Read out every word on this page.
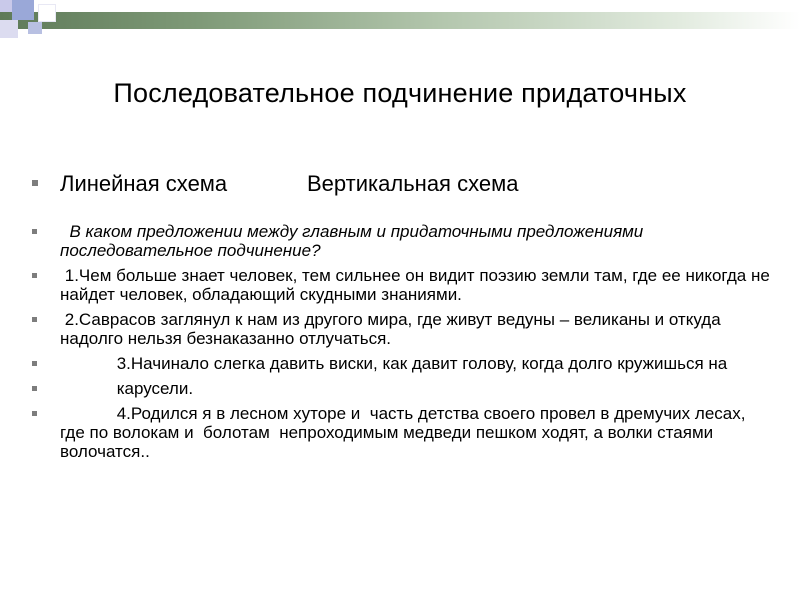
Последовательное подчинение придаточных
Линейная схема	Вертикальная схема
В каком предложении между главным и придаточными предложениями последовательное подчинение?
1.Чем больше знает человек, тем сильнее он видит поэзию земли там, где ее никогда не найдет человек, обладающий скудными знаниями.
2.Саврасов заглянул к нам из другого мира, где живут ведуны – великаны и откуда надолго нельзя безнаказанно отлучаться.
3.Начинало слегка давить виски, как давит голову, когда долго кружишься на
карусели.
4.Родился я в лесном хуторе и  часть детства своего провел в дремучих лесах, где по волокам и  болотам  непроходимым медведи пешком ходят, а волки стаями волочатся..
